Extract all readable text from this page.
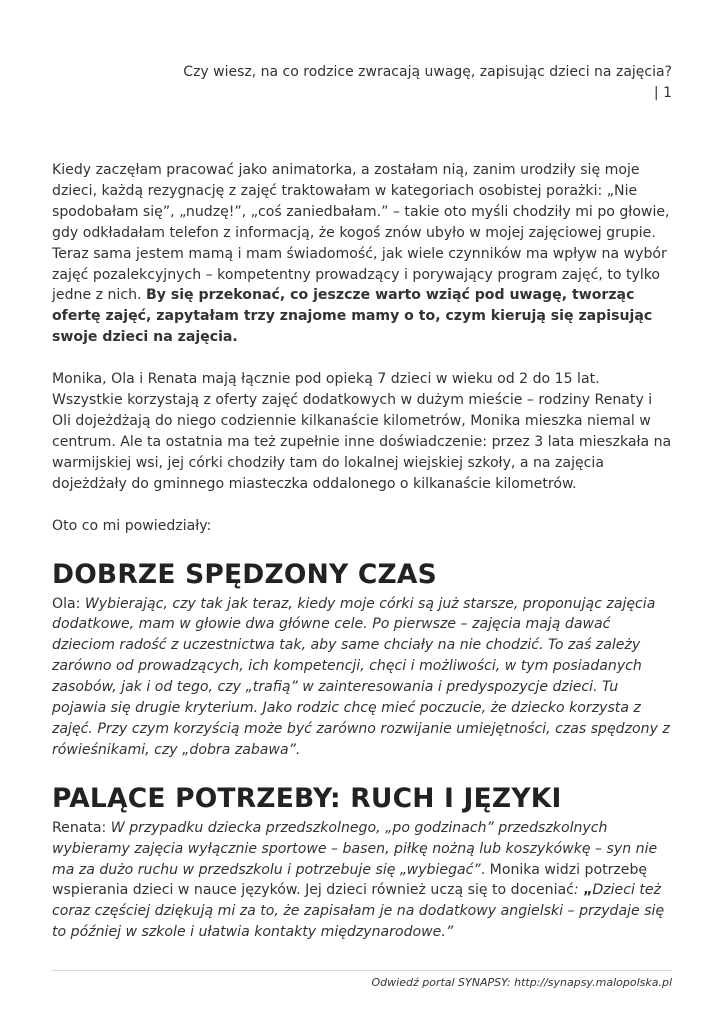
Czy wiesz, na co rodzice zwracają uwagę, zapisując dzieci na zajęcia?
| 1

Kiedy zaczęłam pracować jako animatorka, a zostałam nią, zanim urodziły się moje dzieci, każdą rezygnację z zajęć traktowałam w kategoriach osobistej porażki: „Nie spodobałam się”, „nudzę!”, „coś zaniedbałam.” – takie oto myśli chodziły mi po głowie, gdy odkładałam telefon z informacją, że kogoś znów ubyło w mojej zajęciowej grupie. Teraz sama jestem mamą i mam świadomość, jak wiele czynników ma wpływ na wybór zajęć pozalekcyjnych – kompetentny prowadzący i porywający program zajęć, to tylko jedne z nich. By się przekonać, co jeszcze warto wziąć pod uwagę, tworząc ofertę zajęć, zapytałam trzy znajome mamy o to, czym kierują się zapisując swoje dzieci na zajęcia.

Monika, Ola i Renata mają łącznie pod opieką 7 dzieci w wieku od 2 do 15 lat. Wszystkie korzystają z oferty zajęć dodatkowych w dużym mieście – rodziny Renaty i Oli dojeżdżają do niego codziennie kilkanaście kilometrów, Monika mieszka niemal w centrum. Ale ta ostatnia ma też zupełnie inne doświadczenie: przez 3 lata mieszkała na warmijskiej wsi, jej córki chodziły tam do lokalnej wiejskiej szkoły, a na zajęcia dojeżdżały do gminnego miasteczka oddalonego o kilkanaście kilometrów.

Oto co mi powiedziały:

DOBRZE SPĘDZONY CZAS

Ola: Wybierając, czy tak jak teraz, kiedy moje córki są już starsze, proponując zajęcia dodatkowe, mam w głowie dwa główne cele. Po pierwsze – zajęcia mają dawać dzieciom radość z uczestnictwa tak, aby same chciały na nie chodzić. To zaś zależy zarówno od prowadzących, ich kompetencji, chęci i możliwości, w tym posiadanych zasobów, jak i od tego, czy „trafią” w zainteresowania i predyspozycje dzieci. Tu pojawia się drugie kryterium. Jako rodzic chcę mieć poczucie, że dziecko korzysta z zajęć. Przy czym korzyścią może być zarówno rozwijanie umiejętności, czas spędzony z rówieśnikami, czy „dobra zabawa”.

PALĄCE POTRZEBY: RUCH I JĘZYKI

Renata: W przypadku dziecka przedszkolnego, „po godzinach” przedszkolnych wybieramy zajęcia wyłącznie sportowe – basen, piłkę nożną lub koszykówkę – syn nie ma za dużo ruchu w przedszkolu i potrzebuje się „wybiegać”. Monika widzi potrzebę wspierania dzieci w nauce języków. Jej dzieci również uczą się to doceniać: „Dzieci też coraz częściej dziękują mi za to, że zapisałam je na dodatkowy angielski – przydaje się to później w szkole i ułatwia kontakty międzynarodowe.”

Odwiedź portal SYNAPSY: http://synapsy.malopolska.pl
